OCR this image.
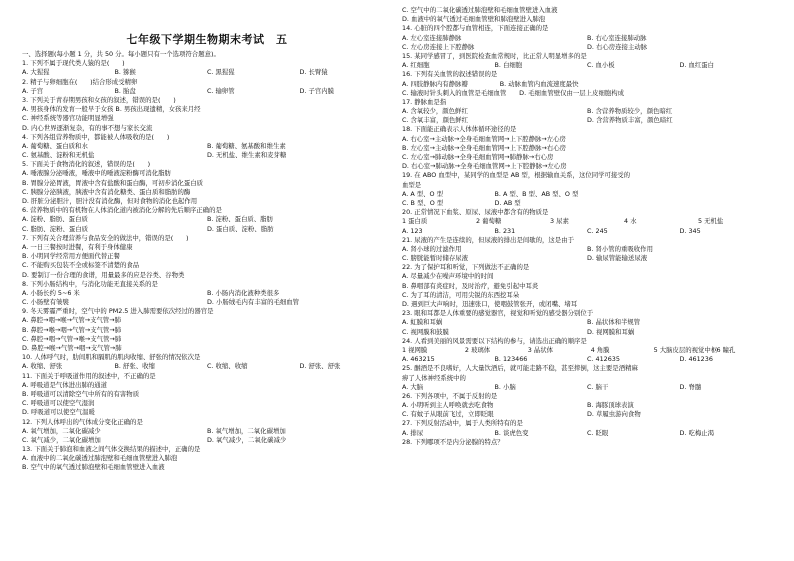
七年级下学期生物期末考试　五
一、选择题(每小题 1 分，共 50 分。每小题只有一个选项符合题意)。
1. 下列不属于现代类人猿的是(　　)
A. 大猩猩	B. 猕猴	C. 黑猩猩	D. 长臂猿
2. 精子与卵细胞在(　　)结合形成受精卵
A. 子宫	B. 胎盘	C. 输卵管	D. 子宫内膜
3. 下列关于青春期男孩和女孩的叙述，错误的是(　　)
A. 男孩身体的发育一般早于女孩 B. 男孩出现遗精，女孩来月经
C. 神经系统等器官功能明显增强
D. 内心世界逐渐复杂，有的事不想与家长交流
4. 下列各组营养物质中，都能被人体吸收的是(　　)
A. 葡萄糖、蛋白质和水	B. 葡萄糖、氨基酸和维生素
C. 氨基酸、淀粉和无机盐	D. 无机盐、维生素和麦芽糖
5. 下面关于食物消化的叙述，错误的是(　　)
A. 唾液腺分泌唾液，唾液中的唾液淀粉酶可消化脂肪
B. 胃腺分泌胃液，胃液中含有盐酸和蛋白酶，可初步消化蛋白质
C. 胰腺分泌胰液，胰液中含有消化糖类、蛋白质和脂肪的酶
D. 肝脏分泌胆汁，胆汁没有消化酶，但对食物的消化也起作用
6. 营养物质中的有机物在人体消化道内被消化分解的先后顺序正确的是
A. 淀粉、脂肪、蛋白质	B. 淀粉、蛋白质、脂肪
C. 脂肪、淀粉、蛋白质	D. 蛋白质、淀粉、脂肪
7. 下列有关合理营养与食品安全的做法中，错误的是(　　)
A. 一日三餐按时进餐，有利于身体健康
B. 小明同学经常用方便面代替正餐
C. 不能购买包装不全或标签不清楚的食品
D. 要制订一份合理的食谱，用量最多的应是谷类、谷物类
8. 下列小肠结构中，与消化功能无直接关系的是
A. 小肠长约 5~6 米	B. 小肠内消化液种类很多
C. 小肠壁有皱襞	D. 小肠绒毛内有丰富的毛细血管
9. 冬天雾霾严重时，空气中的 PM2.5 进入肺需要依次经过的器官是
A. 鼻腔→咽→喉→气管→支气管→肺
B. 鼻腔→喉→咽→气管→支气管→肺
C. 鼻腔→咽→气管→喉→支气管→肺
D. 鼻腔→喉→气管→咽→支气管→肺
10. 人体呼气时，肋间肌和膈肌的肌肉收缩、舒张的情况依次是
A. 收缩、舒张	B. 舒张、收缩	C. 收缩、收缩	D. 舒张、舒张
11. 下面关于呼吸道作用的叙述中，不正确的是
A. 呼吸道是气体进出肺的通道
B. 呼吸道可以清除空气中所有的有害物质
C. 呼吸道可以使空气湿润
D. 呼吸道可以使空气温暖
12. 下列人体呼出的气体成分变化正确的是
A. 氧气增加，二氧化碳减少	B. 氧气增加，二氧化碳增加
C. 氧气减少，二氧化碳增加	D. 氧气减少，二氧化碳减少
13. 下面关于肺泡和血液之间气体交换结果的描述中，正确的是
A. 血液中的二氧化碳透过肺泡壁和毛细血管壁进入肺泡
B. 空气中的氧气透过肺泡壁和毛细血管壁进入血液
C. 空气中的二氧化碳透过肺泡壁和毛细血管壁进入血液
D. 血液中的氧气透过毛细血管壁和肺泡壁进入肺泡
14. 心脏的四个腔都与血管相连，下面连接正确的是
A. 左心室连接肺静脉	B. 右心室连接肺动脉
C. 左心房连接上下腔静脉	D. 右心房连接主动脉
15. 某同学感冒了，到医院检查血常规时，比正常人明显增多的是
A. 红细胞	B. 白细胞	C. 血小板	D. 血红蛋白
16. 下列有关血管的叙述错误的是
A. 四肢静脉内有静脉瓣　　　　　B. 动脉血管内血流速度最快
C. 输液时针头刺入的血管是毛细血管　　D. 毛细血管壁仅由一层上皮细胞构成
17. 静脉血是指
A. 含氧较少，颜色鲜红	B. 含营养物质较少，颜色暗红
C. 含氧丰富，颜色鲜红	D. 含营养物质丰富，颜色暗红
18. 下面能正确表示人体体循环途径的是
A. 右心室→主动脉→全身毛细血管网→上下腔静脉→左心房
B. 左心室→主动脉→全身毛细血管网→上下腔静脉→右心房
C. 左心室→肺动脉→全身毛细血管网→肺静脉→右心房
D. 右心室→肺动脉→全身毛细血管网→上下腔静脉→左心房
19. 在 ABO 血型中，某同学的血型是 AB 型，根据输血关系，这位同学可接受的
血型是
A. A 型、O 型	B. A 型、B 型、AB 型、O 型
C. B 型、O 型	D. AB 型
20. 正常情况下血浆、原尿、尿液中都含有的物质是
1 蛋白质	2 葡萄糖	3 尿素	4 水	5 无机盐
A. 123	B. 231	C. 245	D. 345
21. 尿液的产生是连续的，但尿液的排出是间歇的，这是由于
A. 肾小球的过滤作用	B. 肾小管的重吸收作用
C. 膀胱能暂时储存尿液	D. 输尿管能输送尿液
22. 为了保护耳和听觉，下列做法不正确的是
A. 尽量减少在噪声环境中的时间
B. 鼻咽部有炎症时，及时治疗，避免引起中耳炎
C. 为了耳的清洁，可用尖锐的东西挖耳朵
D. 遇到巨大声响时，迅速张口，使咽鼓管张开，或闭嘴、堵耳
23. 眼和耳都是人体重要的感觉器官，视觉和听觉的感受器分别位于
A. 虹膜和耳蜗	B. 晶状体和半规管
C. 视网膜和鼓膜	D. 视网膜和耳蜗
24. 人看到美丽的风景需要以下结构的参与，请选出正确的顺序是
1 视网膜	2 玻璃体	3 晶状体	4 角膜	5 大脑皮层的视觉中枢 6 瞳孔
A. 463215	B. 123466	C. 412635	D. 461236
25. 酗酒是不良嗜好，人大量饮酒后，就可能走路不稳，甚至摔倒，这主要是酒精麻
痹了人体神经系统中的
A. 大脑	B. 小脑	C. 脑干	D. 脊髓
26. 下列各项中，不属于反射的是
A. 小明听到主人呼唤就去吃食物	B. 海豚顶球表演
C. 有蚊子从眼前飞过，立即眨眼	D. 草履虫游向食物
27. 下列反射活动中，属于人类所特有的是
A. 排尿	B. 谈虎色变	C. 眨眼	D. 吃梅止渴
28. 下列哪项不是内分泌腺的特点？
